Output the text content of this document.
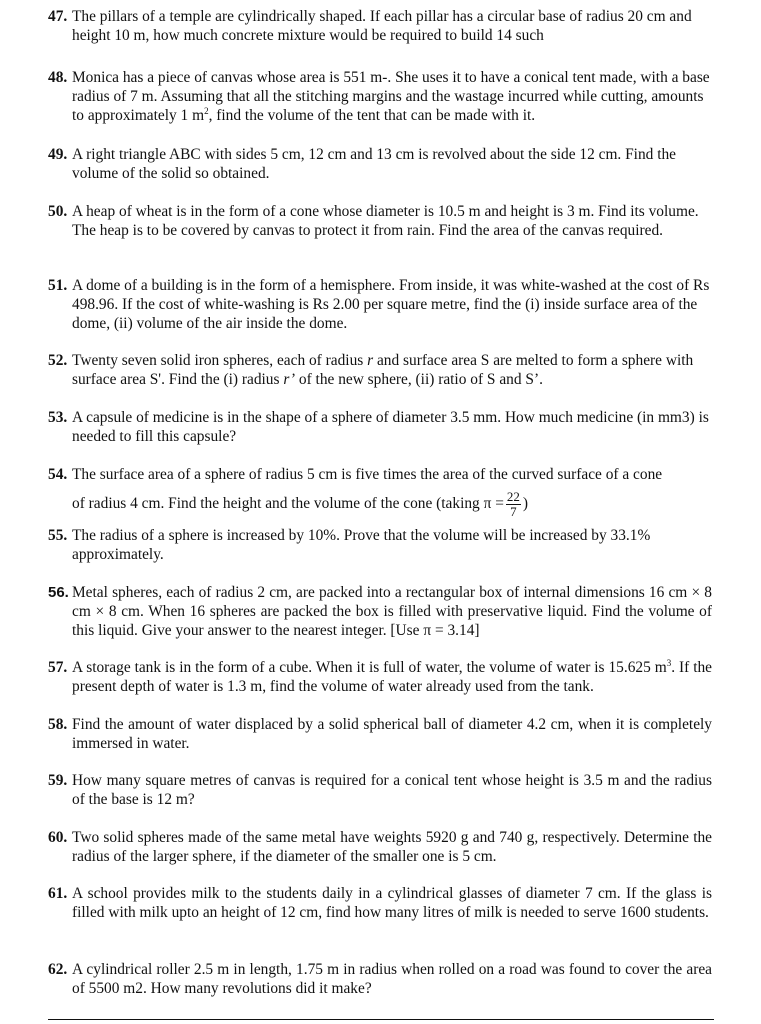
47. The pillars of a temple are cylindrically shaped. If each pillar has a circular base of radius 20 cm and height 10 m, how much concrete mixture would be required to build 14 such
48. Monica has a piece of canvas whose area is 551 m-. She uses it to have a conical tent made, with a base radius of 7 m. Assuming that all the stitching margins and the wastage incurred while cutting, amounts to approximately 1 $m^2$, find the volume of the tent that can be made with it.
49. A right triangle ABC with sides 5 cm, 12 cm and 13 cm is revolved about the side 12 cm. Find the volume of the solid so obtained.
50. A heap of wheat is in the form of a cone whose diameter is 10.5 m and height is 3 m. Find its volume. The heap is to be covered by canvas to protect it from rain. Find the area of the canvas required.
51. A dome of a building is in the form of a hemisphere. From inside, it was white-washed at the cost of Rs 498.96. If the cost of white-washing is Rs 2.00 per square metre, find the (i) inside surface area of the dome, (ii) volume of the air inside the dome.
52. Twenty seven solid iron spheres, each of radius r and surface area S are melted to form a sphere with surface area S'. Find the (i) radius r’ of the new sphere, (ii) ratio of S and S’.
53. A capsule of medicine is in the shape of a sphere of diameter 3.5 mm. How much medicine (in mm3) is needed to fill this capsule?
54. The surface area of a sphere of radius 5 cm is five times the area of the curved surface of a cone
of radius 4 cm. Find the height and the volume of the cone (taking $\pi = \frac{22}{7}$ )
55. The radius of a sphere is increased by 10%. Prove that the volume will be increased by 33.1% approximately.
56. Metal spheres, each of radius 2 cm, are packed into a rectangular box of internal dimensions 16 cm × 8 cm × 8 cm. When 16 spheres are packed the box is filled with preservative liquid. Find the volume of this liquid. Give your answer to the nearest integer. [Use π = 3.14]
57. A storage tank is in the form of a cube. When it is full of water, the volume of water is 15.625 $m^3$. If the present depth of water is 1.3 m, find the volume of water already used from the tank.
58. Find the amount of water displaced by a solid spherical ball of diameter 4.2 cm, when it is completely immersed in water.
59. How many square metres of canvas is required for a conical tent whose height is 3.5 m and the radius of the base is 12 m?
60. Two solid spheres made of the same metal have weights 5920 g and 740 g, respectively. Determine the radius of the larger sphere, if the diameter of the smaller one is 5 cm.
61. A school provides milk to the students daily in a cylindrical glasses of diameter 7 cm. If the glass is filled with milk upto an height of 12 cm, find how many litres of milk is needed to serve 1600 students.
62. A cylindrical roller 2.5 m in length, 1.75 m in radius when rolled on a road was found to cover the area of 5500 m2. How many revolutions did it make?
